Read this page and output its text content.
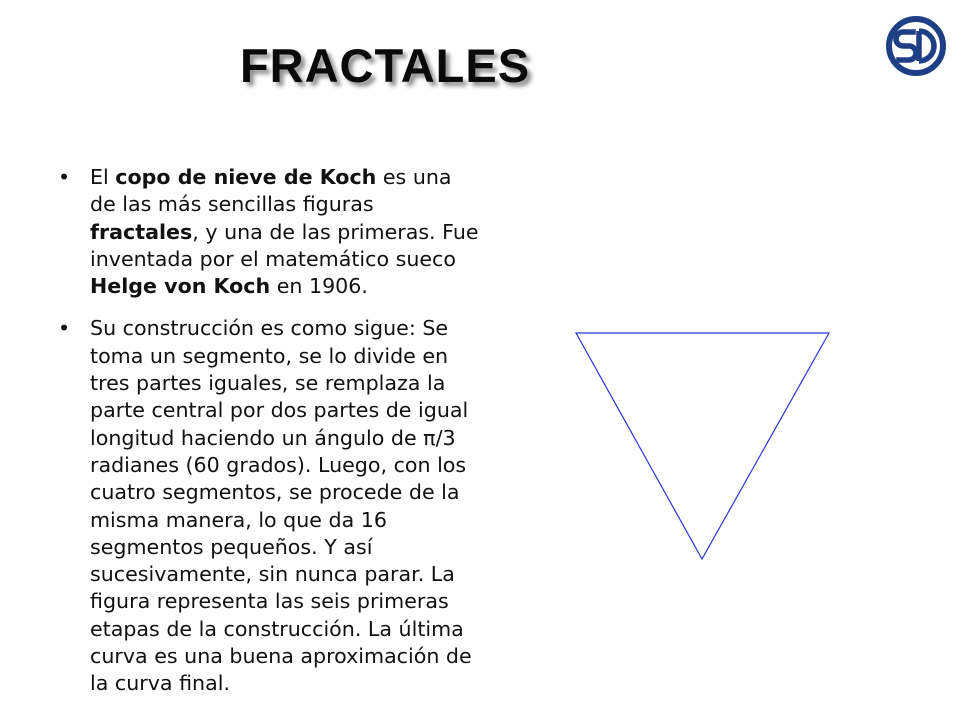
FRACTALES
• El copo de nieve de Koch es una de las más sencillas figuras fractales, y una de las primeras. Fue inventada por el matemático sueco Helge von Koch en 1906.
• Su construcción es como sigue: Se toma un segmento, se lo divide en tres partes iguales, se remplaza la parte central por dos partes de igual longitud haciendo un ángulo de π/3 radianes (60 grados). Luego, con los cuatro segmentos, se procede de la misma manera, lo que da 16 segmentos pequeños. Y así sucesivamente, sin nunca parar. La figura representa las seis primeras etapas de la construcción. La última curva es una buena aproximación de la curva final.
